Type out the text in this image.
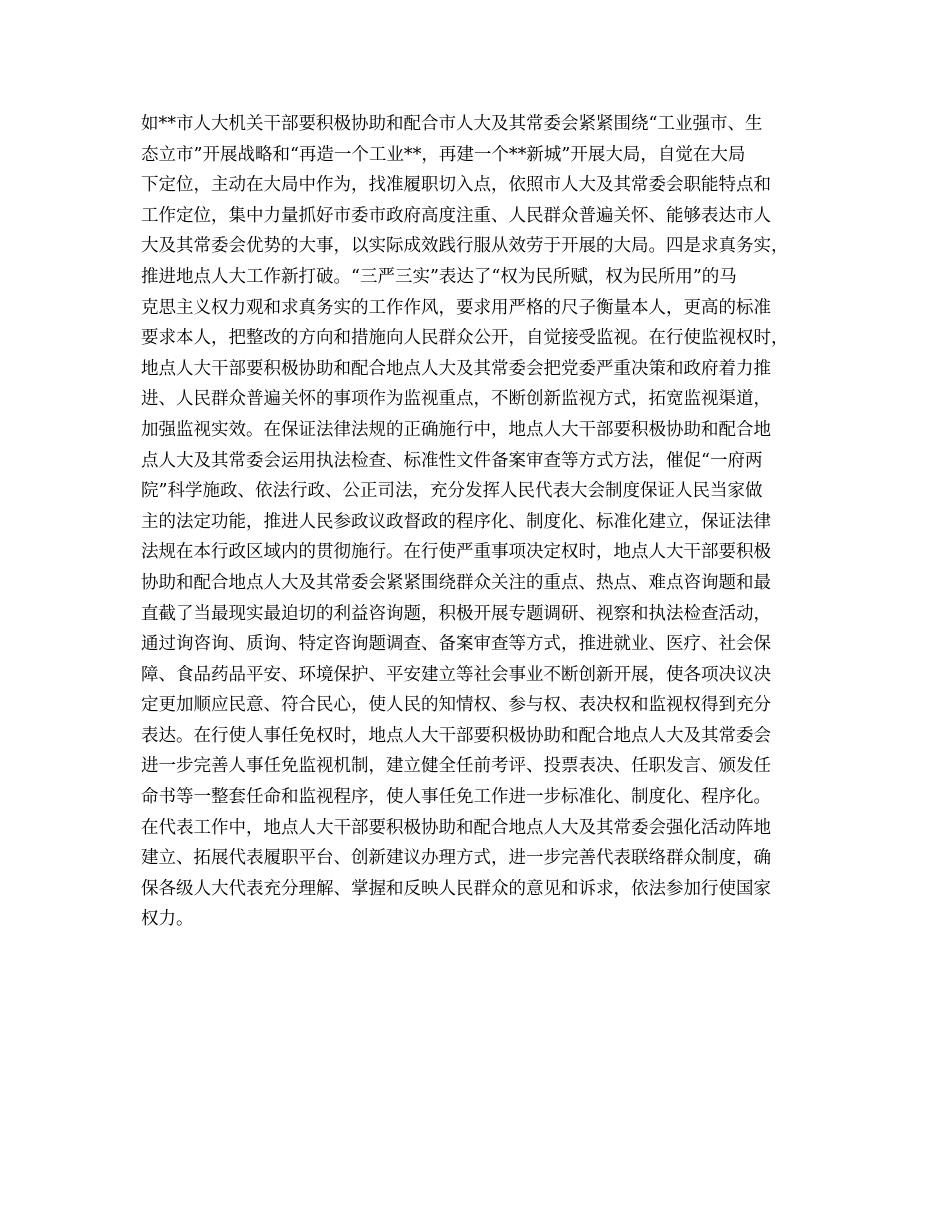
如**市人大机关干部要积极协助和配合市人大及其常委会紧紧围绕“工业强市、生
态立市”开展战略和“再造一个工业**，再建一个**新城”开展大局，自觉在大局
下定位，主动在大局中作为，找准履职切入点，依照市人大及其常委会职能特点和
工作定位，集中力量抓好市委市政府高度注重、人民群众普遍关怀、能够表达市人
大及其常委会优势的大事，以实际成效践行服从效劳于开展的大局。四是求真务实，
推进地点人大工作新打破。“三严三实”表达了“权为民所赋，权为民所用”的马
克思主义权力观和求真务实的工作作风，要求用严格的尺子衡量本人，更高的标准
要求本人，把整改的方向和措施向人民群众公开，自觉接受监视。在行使监视权时，
地点人大干部要积极协助和配合地点人大及其常委会把党委严重决策和政府着力推
进、人民群众普遍关怀的事项作为监视重点，不断创新监视方式，拓宽监视渠道，
加强监视实效。在保证法律法规的正确施行中，地点人大干部要积极协助和配合地
点人大及其常委会运用执法检查、标准性文件备案审查等方式方法，催促“一府两
院”科学施政、依法行政、公正司法，充分发挥人民代表大会制度保证人民当家做
主的法定功能，推进人民参政议政督政的程序化、制度化、标准化建立，保证法律
法规在本行政区域内的贯彻施行。在行使严重事项决定权时，地点人大干部要积极
协助和配合地点人大及其常委会紧紧围绕群众关注的重点、热点、难点咨询题和最
直截了当最现实最迫切的利益咨询题，积极开展专题调研、视察和执法检查活动，
通过询咨询、质询、特定咨询题调查、备案审查等方式，推进就业、医疗、社会保
障、食品药品平安、环境保护、平安建立等社会事业不断创新开展，使各项决议决
定更加顺应民意、符合民心，使人民的知情权、参与权、表决权和监视权得到充分
表达。在行使人事任免权时，地点人大干部要积极协助和配合地点人大及其常委会
进一步完善人事任免监视机制，建立健全任前考评、投票表决、任职发言、颁发任
命书等一整套任命和监视程序，使人事任免工作进一步标准化、制度化、程序化。
在代表工作中，地点人大干部要积极协助和配合地点人大及其常委会强化活动阵地
建立、拓展代表履职平台、创新建议办理方式，进一步完善代表联络群众制度，确
保各级人大代表充分理解、掌握和反映人民群众的意见和诉求，依法参加行使国家
权力。
